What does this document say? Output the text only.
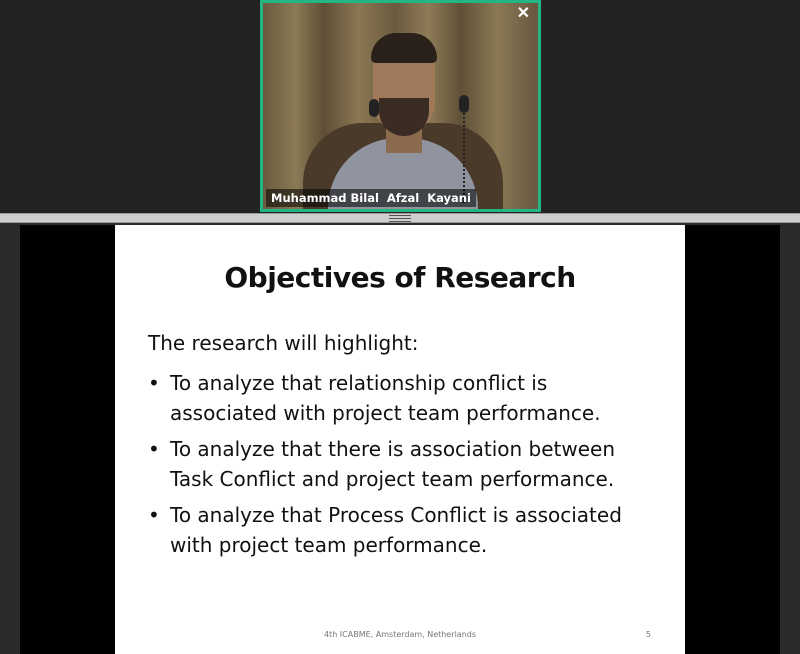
Muhammad Bilal  Afzal  Kayani
✕
Objectives of Research
The research will highlight:
• To analyze that relationship conflict is
associated with project team performance.
• To analyze that there is association between
Task Conflict and project team performance.
• To analyze that Process Conflict is associated
with project team performance.
4th ICABME, Amsterdam, Netherlands	5
